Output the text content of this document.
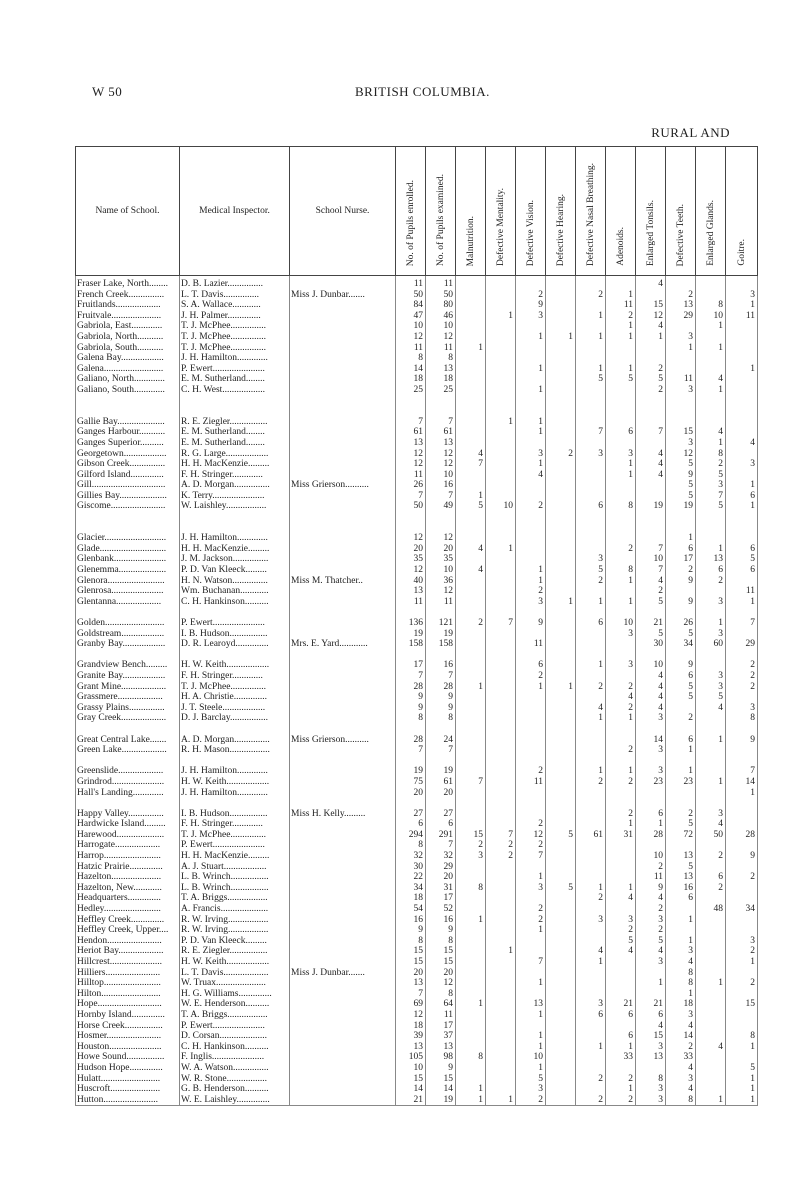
W 50	BRITISH COLUMBIA.
RURAL AND
Name of School.	Medical Inspector.	School Nurse.	No. of Pupils enrolled.	No. of Pupils examined.	Malnutrition.	Defective Mentality.	Defective Vision.	Defective Hearing.	Defective Nasal Breathing.	Adenoids.	Enlarged Tonsils.	Defective Teeth.	Enlarged Glands.	Goitre.
Fraser Lake, North........	D. B. Lazier...............		11	11							4			
French Creek...............	L. T. Davis...............	Miss J. Dunbar.......	50	50			2		2	1		2		3
Fruitlands...................	S. A. Wallace............		84	80			9			11	15	13	8	1
Fruitvale.....................	J. H. Palmer..............		47	46		1	3		1	2	12	29	10	11
Gabriola, East.............	T. J. McPhee...............		10	10						1	4		1	
Gabriola, North...........	T. J. McPhee...............		12	12			1	1	1	1	1	3		
Gabriola, South...........	T. J. McPhee...............		11	11	1							1	1	
Galena Bay..................	J. H. Hamilton.............		8	8										
Galena.........................	P. Ewert......................		14	13			1		1	1	2			1
Galiano, North.............	E. M. Sutherland........		18	18					5	5	5	11	4	
Galiano, South.............	C. H. West..................		25	25			1				2	3	1	

Gallie Bay....................	R. E. Ziegler................		7	7		1	1							
Ganges Harbour...........	E. M. Sutherland........		61	61			1		7	6	7	15	4	
Ganges Superior..........	E. M. Sutherland........		13	13								3	1	4
Georgetown..................	R. G. Large..................		12	12	4		3	2	3	3	4	12	8	
Gibson Creek...............	H. H. MacKenzie.........		12	12	7		1			1	4	5	2	3
Gilford Island..............	F. H. Stringer.............		11	10			4			1	4	9	5	
Gill...............................	A. D. Morgan...............	Miss Grierson..........	26	16								5	3	1
Gillies Bay....................	K. Terry......................		7	7	1							5	7	6
Giscome.......................	W. Laishley.................		50	49	5	10	2		6	8	19	19	5	1

Glacier..........................	J. H. Hamilton.............		12	12								1		
Glade............................	H. H. MacKenzie.........		20	20	4	1				2	7	6	1	6
Glenbank......................	J. M. Jackson...............		35	35					3		10	17	13	5
Glenemma....................	P. D. Van Kleeck.........		12	10	4		1		5	8	7	2	6	6
Glenora........................	H. N. Watson...............	Miss M. Thatcher..	40	36			1		2	1	4	9	2	
Glenrosa......................	Wm. Buchanan............		13	12			2				2			11
Glentanna...................	C. H. Hankinson..........		11	11			3	1	1	1	5	9	3	1

Golden.........................	P. Ewert......................		136	121	2	7	9		6	10	21	26	1	7
Goldstream..................	I. B. Hudson................		19	19						3	5	5	3	
Granby Bay..................	D. R. Learoyd..............	Mrs. E. Yard............	158	158			11				30	34	60	29

Grandview Bench.........	H. W. Keith..................		17	16			6		1	3	10	9		2
Granite Bay..................	F. H. Stringer.............		7	7			2				4	6	3	2
Grant Mine...................	T. J. McPhee...............		28	28	1		1	1	2	2	4	5	3	2
Grassmere...................	H. A. Christie..............		9	9						4	4	5	5	
Grassy Plains...............	J. T. Steele..................		9	9					4	2	4		4	3
Gray Creek...................	D. J. Barclay................		8	8					1	1	3	2		8

Great Central Lake.......	A. D. Morgan...............	Miss Grierson..........	28	24							14	6	1	9
Green Lake...................	R. H. Mason.................		7	7						2	3	1		

Greenslide...................	J. H. Hamilton.............		19	19			2		1	1	3	1		7
Grindrod......................	H. W. Keith..................		75	61	7		11		2	2	23	23	1	14
Hall's Landing.............	J. H. Hamilton.............		20	20										1

Happy Valley...............	I. B. Hudson................	Miss H. Kelly.........	27	27						2	6	2	3	
Hardwicke Island.........	F. H. Stringer.............		6	6			2			1	1	5	4	
Harewood....................	T. J. McPhee...............		294	291	15	7	12	5	61	31	28	72	50	28
Harrogate...................	P. Ewert......................		8	7	2	2	2							
Harrop........................	H. H. MacKenzie.........		32	32	3	2	7				10	13	2	9
Hatzic Prairie..............	A. J. Stuart..................		30	29							2	5		
Hazelton.....................	L. B. Wrinch................		22	20			1				11	13	6	2
Hazelton, New............	L. B. Wrinch................		34	31	8		3	5	1	1	9	16	2	
Headquarters..............	T. A. Briggs.................		18	17					2	4	4	6		
Hedley........................	A. Francis....................		54	52			2				2		48	34
Heffley Creek..............	R. W. Irving.................		16	16	1		2		3	3	3	1		
Heffley Creek, Upper....	R. W. Irving.................		9	9			1			2	2			
Hendon.......................	P. D. Van Kleeck.........		8	8						5	5	1		3
Heriot Bay...................	R. E. Ziegler................		15	15		1			4	4	4	3		2
Hillcrest......................	H. W. Keith..................		15	15			7		1		3	4		1
Hilliers.......................	L. T. Davis...................	Miss J. Dunbar.......	20	20								8		
Hilltop........................	W. Truax.....................		13	12			1				1	8	1	2
Hilton.........................	H. G. Williams..............		7	8								1		
Hope...........................	W. E. Henderson..........		69	64	1		13		3	21	21	18		15
Hornby Island..............	T. A. Briggs.................		12	11			1		6	6	6	3		
Horse Creek................	P. Ewert......................		18	17							4	4		
Hosmer.......................	D. Corsan....................		39	37			1			6	15	14		8
Houston......................	C. H. Hankinson..........		13	13			1		1	1	3	2	4	1
Howe Sound................	F. Inglis......................		105	98	8		10			33	13	33		
Hudson Hope..............	W. A. Watson...............		10	9			1					4		5
Hulatt.........................	W. R. Stone.................		15	15			5		2	2	8	3		1
Huscroft.....................	G. B. Henderson..........		14	14	1		3			1	3	4		1
Hutton.......................	W. E. Laishley..............		21	19	1	1	2		2	2	3	8	1	1
